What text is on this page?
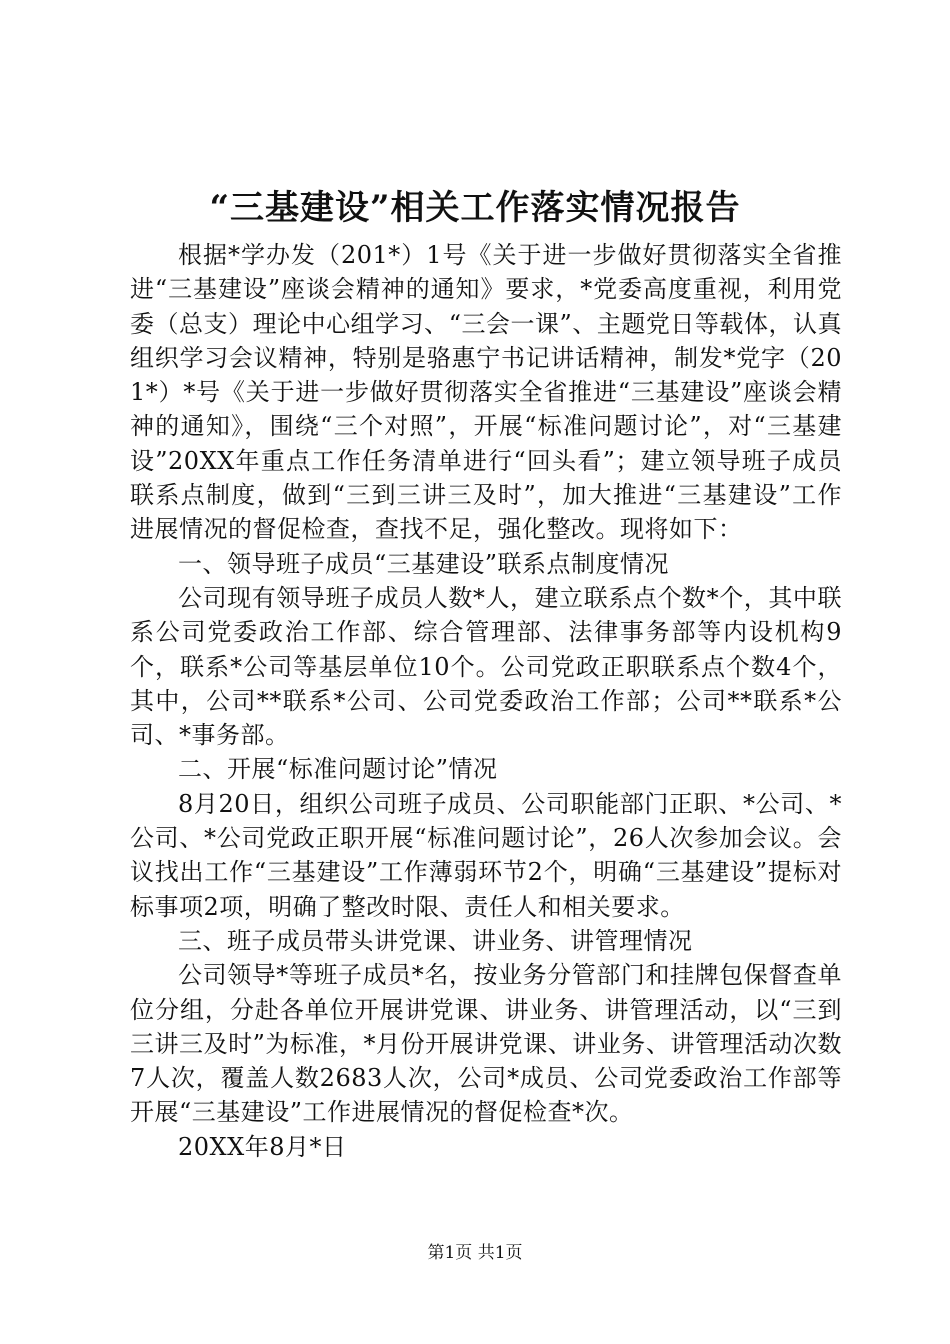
“三基建设”相关工作落实情况报告

根据*学办发（201*）1号《关于进一步做好贯彻落实全省推进“三基建设”座谈会精神的通知》要求，*党委高度重视，利用党委（总支）理论中心组学习、“三会一课”、主题党日等载体，认真组织学习会议精神，特别是骆惠宁书记讲话精神，制发*党字（201*）*号《关于进一步做好贯彻落实全省推进“三基建设”座谈会精神的通知》，围绕“三个对照”，开展“标准问题讨论”，对“三基建设”20XX年重点工作任务清单进行“回头看”；建立领导班子成员联系点制度，做到“三到三讲三及时”，加大推进“三基建设”工作进展情况的督促检查，查找不足，强化整改。现将如下：

一、领导班子成员“三基建设”联系点制度情况

公司现有领导班子成员人数*人，建立联系点个数*个，其中联系公司党委政治工作部、综合管理部、法律事务部等内设机构9个，联系*公司等基层单位10个。公司党政正职联系点个数4个，其中，公司**联系*公司、公司党委政治工作部；公司**联系*公司、*事务部。

二、开展“标准问题讨论”情况

8月20日，组织公司班子成员、公司职能部门正职、*公司、*公司、*公司党政正职开展“标准问题讨论”，26人次参加会议。会议找出工作“三基建设”工作薄弱环节2个，明确“三基建设”提标对标事项2项，明确了整改时限、责任人和相关要求。

三、班子成员带头讲党课、讲业务、讲管理情况

公司领导*等班子成员*名，按业务分管部门和挂牌包保督查单位分组，分赴各单位开展讲党课、讲业务、讲管理活动，以“三到三讲三及时”为标准，*月份开展讲党课、讲业务、讲管理活动次数7人次，覆盖人数2683人次，公司*成员、公司党委政治工作部等开展“三基建设”工作进展情况的督促检查*次。

20XX年8月*日

第1页 共1页
